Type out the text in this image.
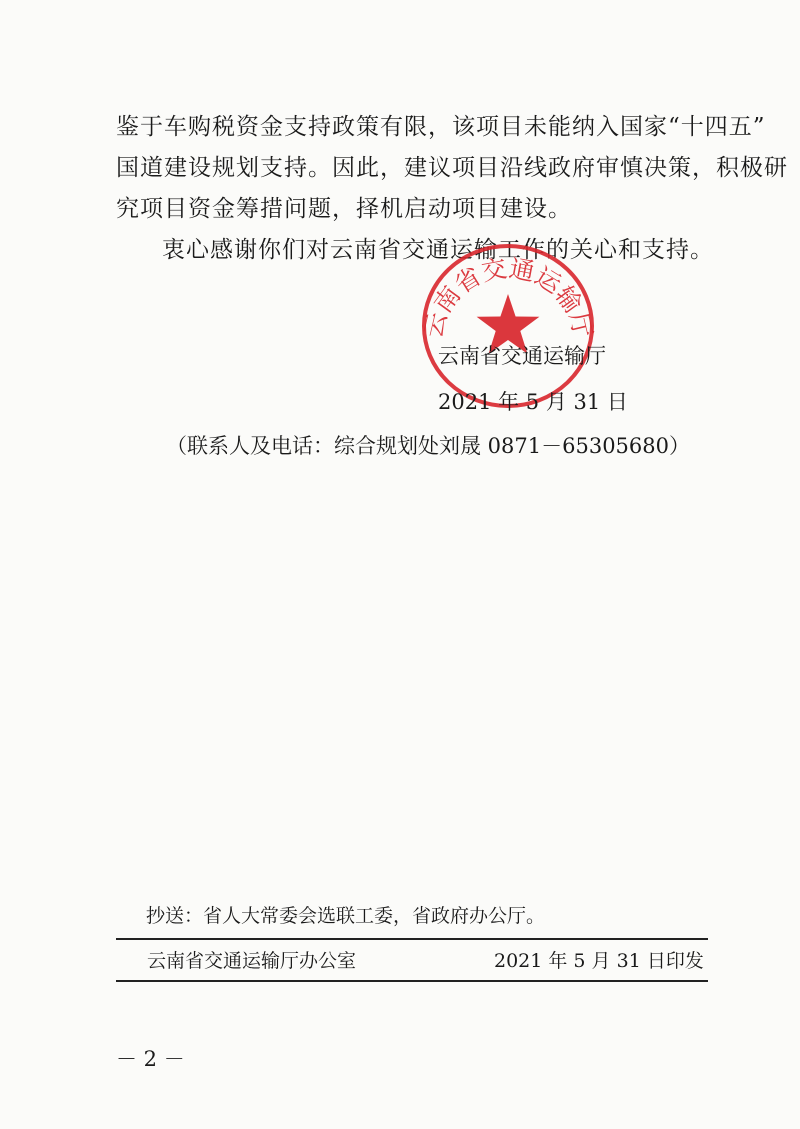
鉴于车购税资金支持政策有限，该项目未能纳入国家“十四五”
国道建设规划支持。因此，建议项目沿线政府审慎决策，积极研
究项目资金筹措问题，择机启动项目建设。
衷心感谢你们对云南省交通运输工作的关心和支持。
云南省交通运输厅
云南省交通运输厅
2021 年 5 月 31 日
（联系人及电话：综合规划处刘晟 0871－65305680）
抄送：省人大常委会选联工委，省政府办公厅。
云南省交通运输厅办公室	2021 年 5 月 31 日印发
－ 2 －
